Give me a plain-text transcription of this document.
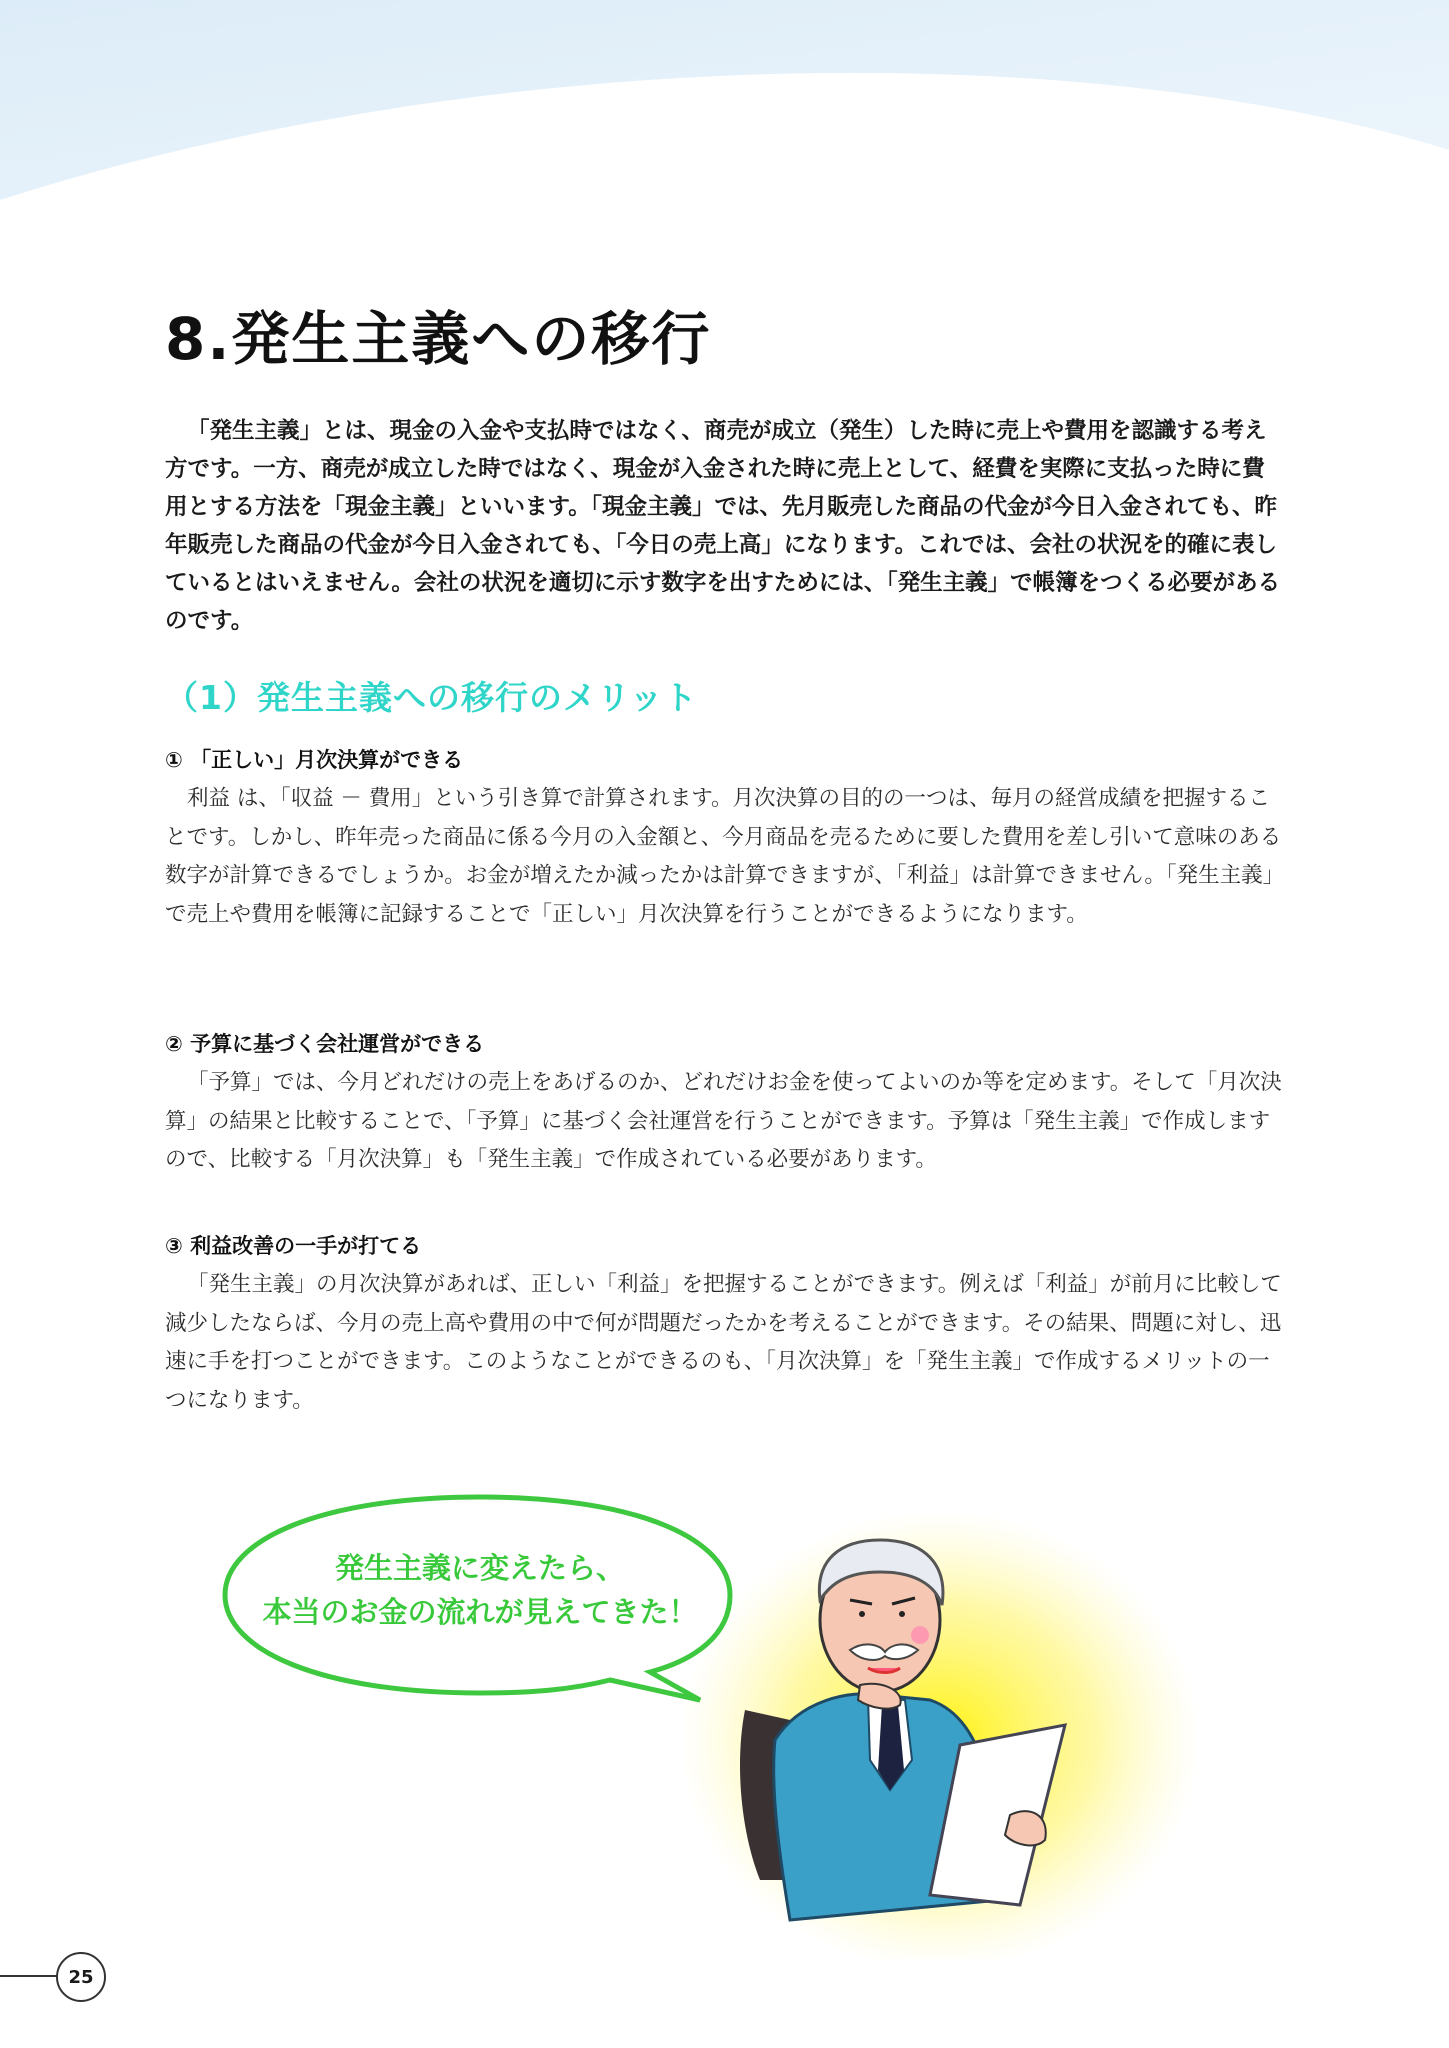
8.発生主義への移行

「発生主義」とは、現金の入金や支払時ではなく、商売が成立（発生）した時に売上や費用を認識する考え方です。一方、商売が成立した時ではなく、現金が入金された時に売上として、経費を実際に支払った時に費用とする方法を「現金主義」といいます。「現金主義」では、先月販売した商品の代金が今日入金されても、昨年販売した商品の代金が今日入金されても、「今日の売上高」になります。これでは、会社の状況を的確に表しているとはいえません。会社の状況を適切に示す数字を出すためには、「発生主義」で帳簿をつくる必要があるのです。

（1）発生主義への移行のメリット
① 「正しい」月次決算ができる

利益 は、「収益 － 費用」という引き算で計算されます。月次決算の目的の一つは、毎月の経営成績を把握することです。しかし、昨年売った商品に係る今月の入金額と、今月商品を売るために要した費用を差し引いて意味のある数字が計算できるでしょうか。お金が増えたか減ったかは計算できますが、「利益」は計算できません。「発生主義」で売上や費用を帳簿に記録することで「正しい」月次決算を行うことができるようになります。

② 予算に基づく会社運営ができる

「予算」では、今月どれだけの売上をあげるのか、どれだけお金を使ってよいのか等を定めます。そして「月次決算」の結果と比較することで、「予算」に基づく会社運営を行うことができます。予算は「発生主義」で作成しますので、比較する「月次決算」も「発生主義」で作成されている必要があります。

③ 利益改善の一手が打てる

「発生主義」の月次決算があれば、正しい「利益」を把握することができます。例えば「利益」が前月に比較して減少したならば、今月の売上高や費用の中で何が問題だったかを考えることができます。その結果、問題に対し、迅速に手を打つことができます。このようなことができるのも、「月次決算」を「発生主義」で作成するメリットの一つになります。

発生主義に変えたら、
本当のお金の流れが見えてきた！
25
